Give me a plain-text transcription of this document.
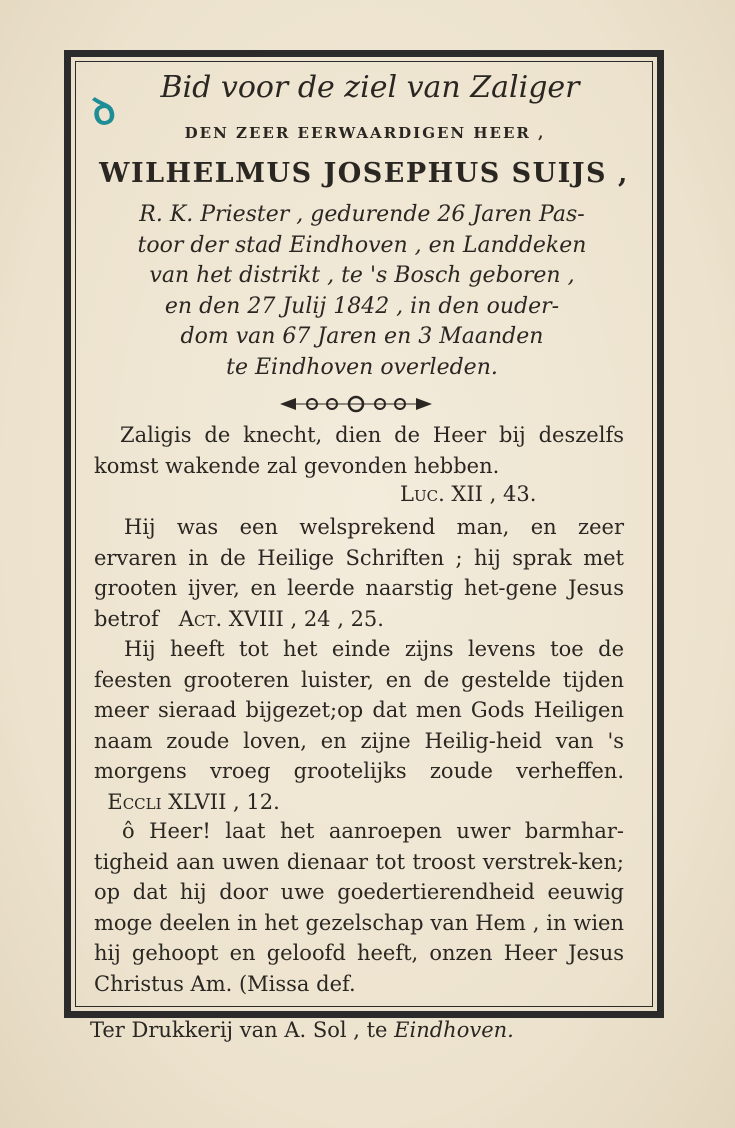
ꝺ	Bid voor de ziel van Zaliger
DEN ZEER EERWAARDIGEN HEER ,
WILHELMUS JOSEPHUS SUIJS ,
R. K. Priester , gedurende 26 Jaren Pas-
toor der stad Eindhoven , en Landdeken
van het distrikt , te 's Bosch geboren ,
en den 27 Julij 1842 , in den ouder-
dom van 67 Jaren en 3 Maanden
te Eindhoven overleden.
Zaligis de knecht, dien de Heer bij deszelfs komst wakende zal gevonden hebben.
Luc. XII , 43.
Hij was een welsprekend man, en zeer ervaren in de Heilige Schriften ; hij sprak met grooten ijver, en leerde naarstig het-gene Jesus betrof Act. XVIII , 24 , 25.
Hij heeft tot het einde zijns levens toe de feesten grooteren luister, en de gestelde tijden meer sieraad bijgezet;op dat men Gods Heiligen naam zoude loven, en zijne Heilig-heid van 's morgens vroeg grootelijks zoude verheffen.   Eccli XLVII , 12.
ô Heer! laat het aanroepen uwer barmhar-tigheid aan uwen dienaar tot troost verstrek-ken; op dat hij door uwe goedertierendheid eeuwig moge deelen in het gezelschap van Hem , in wien hij gehoopt en geloofd heeft, onzen Heer Jesus Christus Am. (Missa def.
Ter Drukkerij van A. Sol , te Eindhoven.
